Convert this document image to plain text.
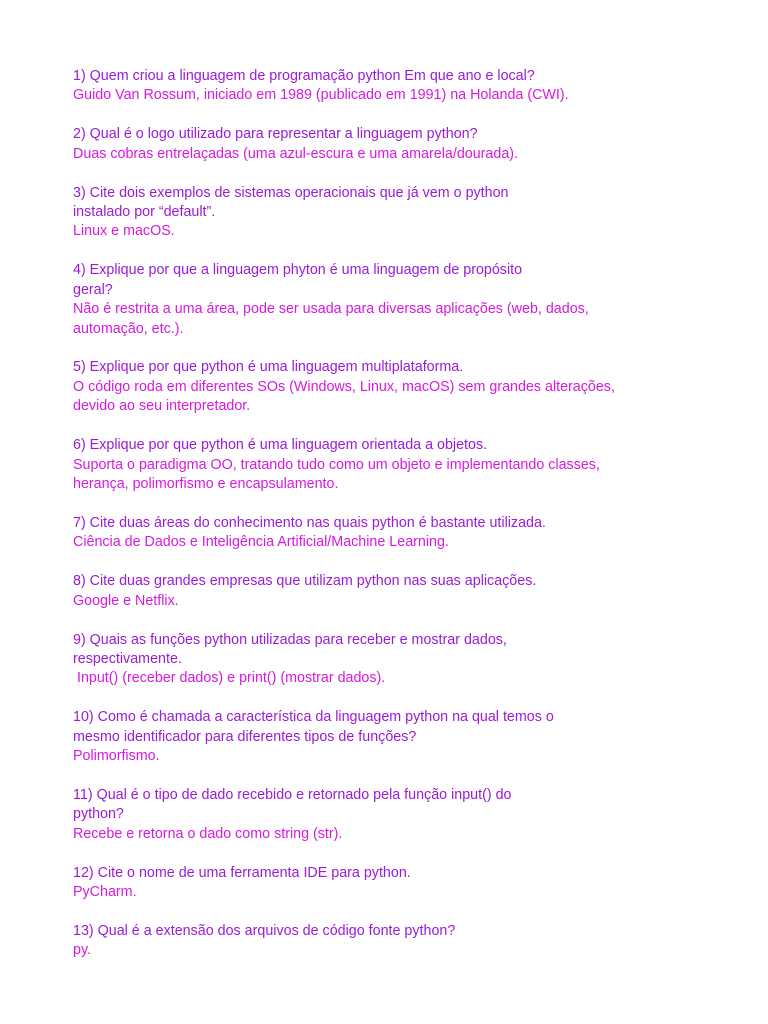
1) Quem criou a linguagem de programação python Em que ano e local?
Guido Van Rossum, iniciado em 1989 (publicado em 1991) na Holanda (CWI).
2) Qual é o logo utilizado para representar a linguagem python?
Duas cobras entrelaçadas (uma azul-escura e uma amarela/dourada).
3) Cite dois exemplos de sistemas operacionais que já vem o python
instalado por “default”.
Linux e macOS.
4) Explique por que a linguagem phyton é uma linguagem de propósito
geral?
Não é restrita a uma área, pode ser usada para diversas aplicações (web, dados,
automação, etc.).
5) Explique por que python é uma linguagem multiplataforma.
O código roda em diferentes SOs (Windows, Linux, macOS) sem grandes alterações,
devido ao seu interpretador.
6) Explique por que python é uma linguagem orientada a objetos.
Suporta o paradigma OO, tratando tudo como um objeto e implementando classes,
herança, polimorfismo e encapsulamento.
7) Cite duas áreas do conhecimento nas quais python é bastante utilizada.
Ciência de Dados e Inteligência Artificial/Machine Learning.
8) Cite duas grandes empresas que utilizam python nas suas aplicações.
Google e Netflix.
9) Quais as funções python utilizadas para receber e mostrar dados,
respectivamente.
Input() (receber dados) e print() (mostrar dados).
10) Como é chamada a característica da linguagem python na qual temos o
mesmo identificador para diferentes tipos de funções?
Polimorfismo.
11) Qual é o tipo de dado recebido e retornado pela função input() do
python?
Recebe e retorna o dado como string (str).
12) Cite o nome de uma ferramenta IDE para python.
PyCharm.
13) Qual é a extensão dos arquivos de código fonte python?
py.
